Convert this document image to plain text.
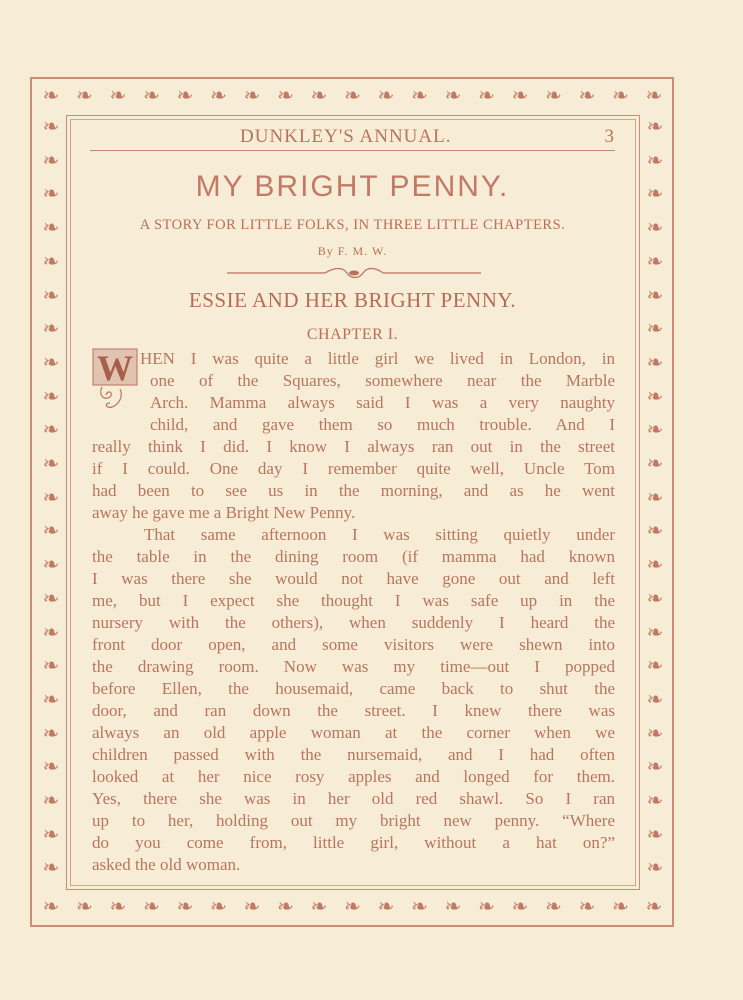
❧ ❧ ❧ ❧ ❧ ❧ ❧ ❧ ❧ ❧ ❧ ❧ ❧ ❧ ❧ ❧ ❧ ❧ ❧
❧ ❧ ❧ ❧ ❧ ❧ ❧ ❧ ❧ ❧ ❧ ❧ ❧ ❧ ❧ ❧ ❧ ❧ ❧
❧
❧
❧
❧
❧
❧
❧
❧
❧
❧
❧
❧
❧
❧
❧
❧
❧
❧
❧
❧
❧
❧
❧
❧
❧
❧
❧
❧
❧
❧
❧
❧
❧
❧
❧
❧
❧
❧
❧
❧
❧
❧
❧
❧
❧
❧
DUNKLEY'S ANNUAL.	3
MY BRIGHT PENNY.
A STORY FOR LITTLE FOLKS, IN THREE LITTLE CHAPTERS.
By F. M. W.
ESSIE AND HER BRIGHT PENNY.
CHAPTER I.
W HEN I was quite a little girl we lived in London, in
one of the Squares, somewhere near the Marble
Arch. Mamma always said I was a very naughty
child, and gave them so much trouble. And I
really think I did. I know I always ran out in the street
if I could. One day I remember quite well, Uncle Tom
had been to see us in the morning, and as he went
away he gave me a Bright New Penny.
That same afternoon I was sitting quietly under
the table in the dining room (if mamma had known
I was there she would not have gone out and left
me, but I expect she thought I was safe up in the
nursery with the others), when suddenly I heard the
front door open, and some visitors were shewn into
the drawing room. Now was my time—out I popped
before Ellen, the housemaid, came back to shut the
door, and ran down the street. I knew there was
always an old apple woman at the corner when we
children passed with the nursemaid, and I had often
looked at her nice rosy apples and longed for them.
Yes, there she was in her old red shawl. So I ran
up to her, holding out my bright new penny. “Where
do you come from, little girl, without a hat on?”
asked the old woman.
